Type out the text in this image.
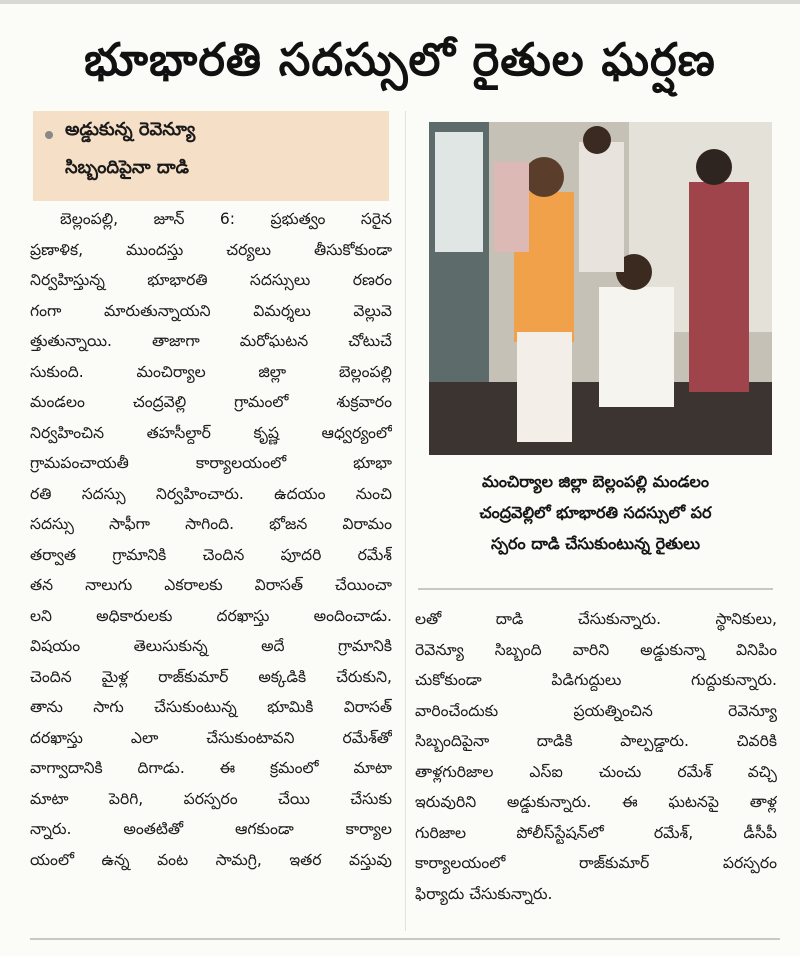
భూభారతి సదస్సులో రైతుల ఘర్షణ
అడ్డుకున్న రెవెన్యూ
సిబ్బందిపైనా దాడి
బెల్లంపల్లి, జూన్ 6: ప్రభుత్వం సరైన
ప్రణాళిక, ముందస్తు చర్యలు తీసుకోకుండా
నిర్వహిస్తున్న భూభారతి సదస్సులు రణరం
గంగా మారుతున్నాయని విమర్శలు వెల్లువె
త్తుతున్నాయి. తాజాగా మరోఘటన చోటుచే
సుకుంది. మంచిర్యాల జిల్లా బెల్లంపల్లి
మండలం చంద్రవెల్లి గ్రామంలో శుక్రవారం
నిర్వహించిన తహసీల్దార్ కృష్ణ ఆధ్వర్యంలో
గ్రామపంచాయతీ కార్యాలయంలో భూభా
రతి సదస్సు నిర్వహించారు. ఉదయం నుంచి
సదస్సు సాఫీగా సాగింది. భోజన విరామం
తర్వాత గ్రామానికి చెందిన పూదరి రమేశ్
తన నాలుగు ఎకరాలకు విరాసత్ చేయించా
లని అధికారులకు దరఖాస్తు అందించాడు.
విషయం తెలుసుకున్న అదే గ్రామానికి
చెందిన మైళ్ల రాజ్‌కుమార్ అక్కడికి చేరుకుని,
తాను సాగు చేసుకుంటున్న భూమికి విరాసత్
దరఖాస్తు ఎలా చేసుకుంటావని రమేశ్‌తో
వాగ్వాదానికి దిగాడు. ఈ క్రమంలో మాటా
మాటా పెరిగి, పరస్పరం చేయి చేసుకు
న్నారు. అంతటితో ఆగకుండా కార్యాల
యంలో ఉన్న వంట సామగ్రి, ఇతర వస్తువు
మంచిర్యాల జిల్లా బెల్లంపల్లి మండలం
చంద్రవెల్లిలో భూభారతి సదస్సులో పర
స్పరం దాడి చేసుకుంటున్న రైతులు
లతో దాడి చేసుకున్నారు. స్థానికులు,
రెవెన్యూ సిబ్బంది వారిని అడ్డుకున్నా వినిపిం
చుకోకుండా పిడిగుద్దులు గుద్దుకున్నారు.
వారించేందుకు ప్రయత్నించిన రెవెన్యూ
సిబ్బందిపైనా దాడికి పాల్పడ్డారు. చివరికి
తాళ్లగురిజాల ఎస్ఐ చుంచు రమేశ్ వచ్చి
ఇరువురిని అడ్డుకున్నారు. ఈ ఘటనపై తాళ్ల
గురిజాల పోలీస్‌స్టేషన్‌లో రమేశ్, డీసీపీ
కార్యాలయంలో రాజ్‌కుమార్ పరస్పరం
ఫిర్యాదు చేసుకున్నారు.
